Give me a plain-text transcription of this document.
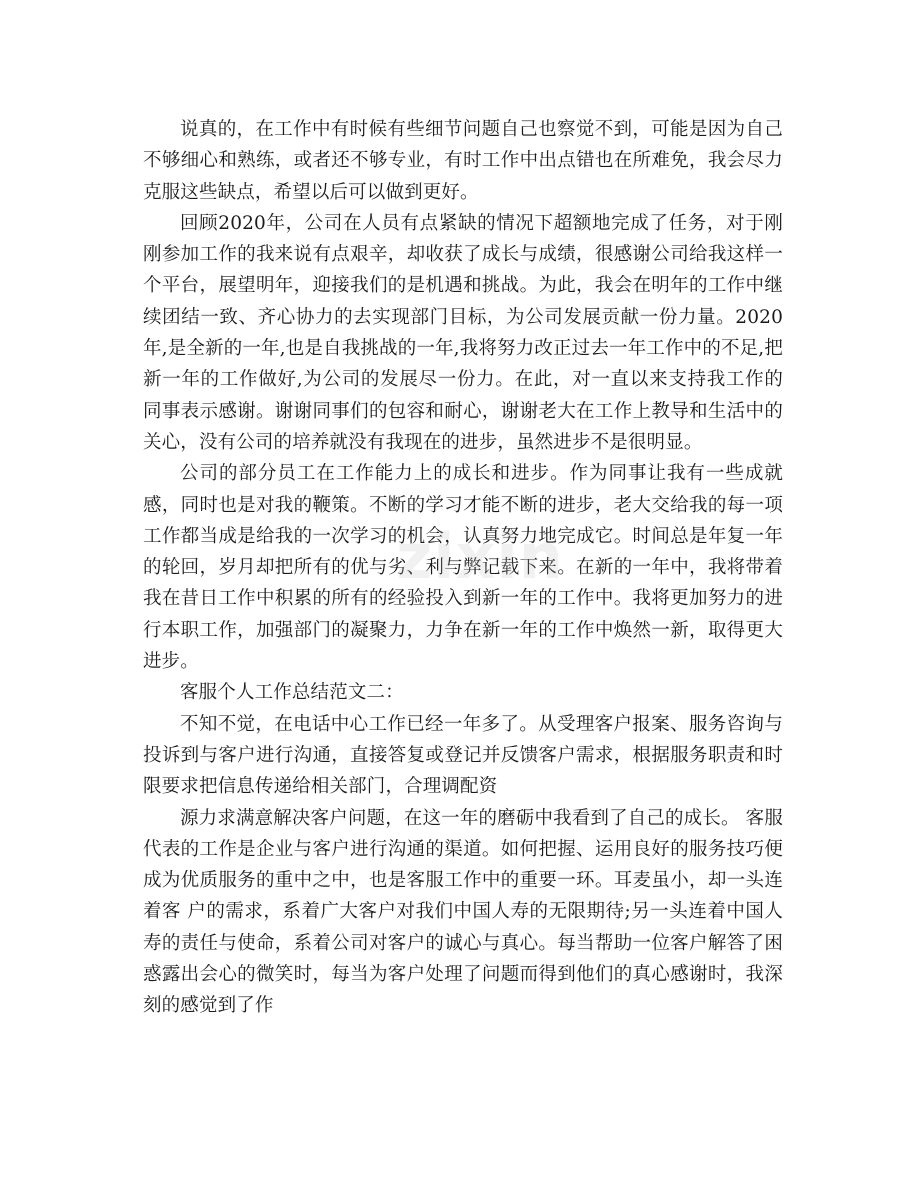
说真的，在工作中有时候有些细节问题自己也察觉不到，可能是因为自己不够细心和熟练，或者还不够专业，有时工作中出点错也在所难免，我会尽力克服这些缺点，希望以后可以做到更好。

回顾2020年，公司在人员有点紧缺的情况下超额地完成了任务，对于刚刚参加工作的我来说有点艰辛，却收获了成长与成绩，很感谢公司给我这样一个平台，展望明年，迎接我们的是机遇和挑战。为此，我会在明年的工作中继续团结一致、齐心协力的去实现部门目标，为公司发展贡献一份力量。2020年,是全新的一年,也是自我挑战的一年,我将努力改正过去一年工作中的不足,把新一年的工作做好,为公司的发展尽一份力。在此，对一直以来支持我工作的同事表示感谢。谢谢同事们的包容和耐心，谢谢老大在工作上教导和生活中的关心，没有公司的培养就没有我现在的进步，虽然进步不是很明显。

公司的部分员工在工作能力上的成长和进步。作为同事让我有一些成就感，同时也是对我的鞭策。不断的学习才能不断的进步，老大交给我的每一项工作都当成是给我的一次学习的机会，认真努力地完成它。时间总是年复一年的轮回，岁月却把所有的优与劣、利与弊记载下来。在新的一年中，我将带着我在昔日工作中积累的所有的经验投入到新一年的工作中。我将更加努力的进行本职工作，加强部门的凝聚力，力争在新一年的工作中焕然一新，取得更大进步。

客服个人工作总结范文二：

不知不觉，在电话中心工作已经一年多了。从受理客户报案、服务咨询与投诉到与客户进行沟通，直接答复或登记并反馈客户需求，根据服务职责和时限要求把信息传递给相关部门，合理调配资

源力求满意解决客户问题，在这一年的磨砺中我看到了自己的成长。 客服代表的工作是企业与客户进行沟通的渠道。如何把握、运用良好的服务技巧便成为优质服务的重中之中，也是客服工作中的重要一环。耳麦虽小，却一头连着客 户的需求，系着广大客户对我们中国人寿的无限期待;另一头连着中国人寿的责任与使命，系着公司对客户的诚心与真心。每当帮助一位客户解答了困惑露出会心的微笑时，每当为客户处理了问题而得到他们的真心感谢时，我深刻的感觉到了作

zixin
